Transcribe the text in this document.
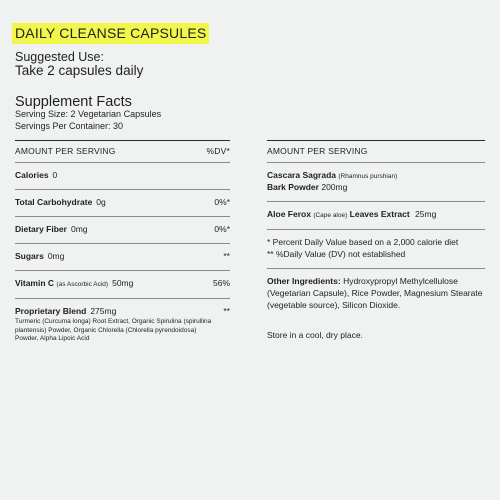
DAILY CLEANSE CAPSULES
Suggested Use:
Take 2 capsules daily
Supplement Facts
Serving Size: 2 Vegetarian Capsules
Servings Per Container: 30
AMOUNT PER SERVING	%DV*
Calories 0
Total Carbohydrate 0g	0%*
Dietary Fiber 0mg	0%*
Sugars 0mg	**
Vitamin C (as Ascorbic Acid) 50mg	56%
Proprietary Blend 275mg	**
Turmeric (Curcuma longa) Root Extract, Organic Spirulina (spirullina plantensis) Powder, Organic Chlorella (Chlorella pyrendoidosa) Powder, Alpha Lipoic Acid
AMOUNT PER SERVING
Cascara Sagrada (Rhamnus purshian)
Bark Powder 200mg
Aloe Ferox (Cape aloe) Leaves Extract 25mg
* Percent Daily Value based on a 2,000 calorie diet
** %Daily Value (DV) not established
Other Ingredients: Hydroxypropyl Methylcellulose (Vegetarian Capsule), Rice Powder, Magnesium Stearate (vegetable source), Silicon Dioxide.
Store in a cool, dry place.
